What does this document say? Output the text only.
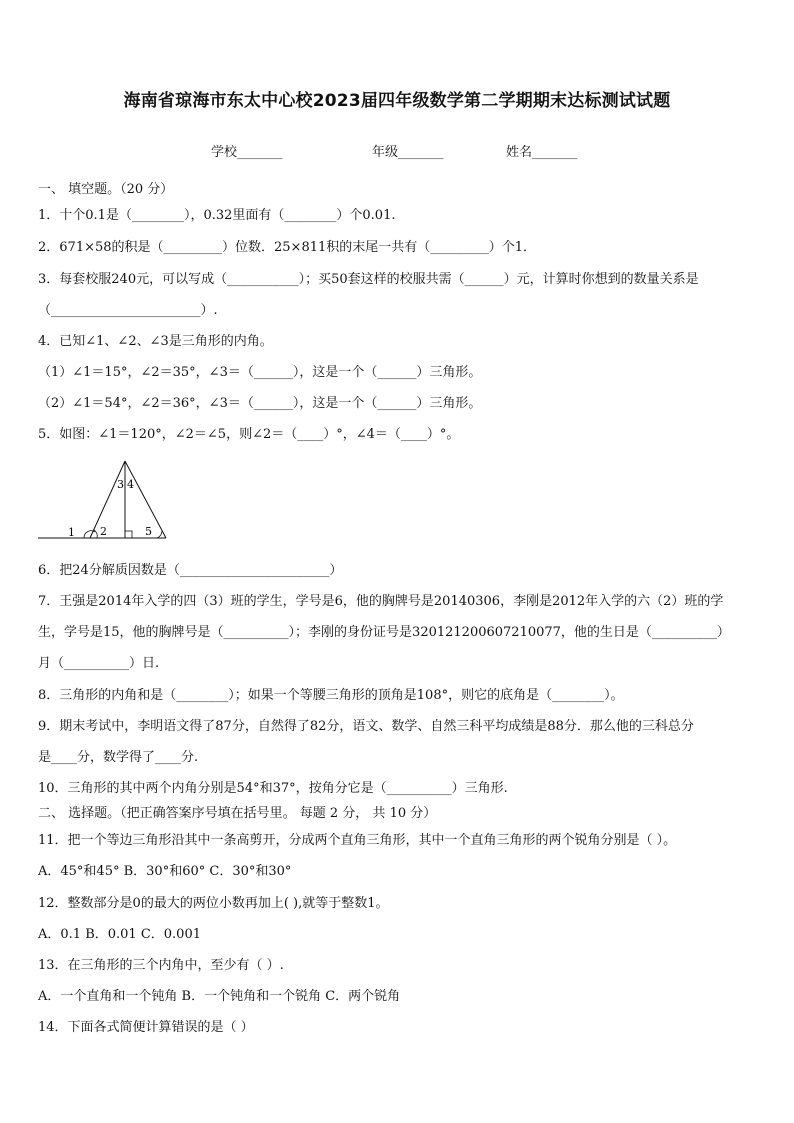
海南省琼海市东太中心校2023届四年级数学第二学期期末达标测试试题
学校_______	年级_______	姓名_______
一、 填空题。（20 分）
1．十个0.1是（________），0.32里面有（________）个0.01.
2．671×58的积是（_________）位数．25×811积的末尾一共有（_________）个1．
3．每套校服240元，可以写成（___________）；买50套这样的校服共需（______）元，计算时你想到的数量关系是
（_______________________）.
4．已知∠1、∠2、∠3是三角形的内角。
（1）∠1＝15°，∠2＝35°，∠3＝（______），这是一个（______）三角形。
（2）∠1＝54°，∠2＝36°，∠3＝（______），这是一个（______）三角形。
5．如图：∠1＝120°，∠2＝∠5，则∠2＝（____）°，∠4＝（____）°。
1 2
3 4
5
6．把24分解质因数是（_______________________）
7．王强是2014年入学的四（3）班的学生，学号是6，他的胸牌号是20140306，李刚是2012年入学的六（2）班的学
生，学号是15，他的胸牌号是（__________）；李刚的身份证号是320121200607210077，他的生日是（__________）
月（__________）日.
8．三角形的内角和是（________）；如果一个等腰三角形的顶角是108°，则它的底角是（________）。
9．期末考试中，李明语文得了87分，自然得了82分，语文、数学、自然三科平均成绩是88分．那么他的三科总分
是____分，数学得了____分.
10．三角形的其中两个内角分别是54°和37°，按角分它是（__________）三角形.
二、 选择题。（把正确答案序号填在括号里。 每题 2 分， 共 10 分）
11．把一个等边三角形沿其中一条高剪开，分成两个直角三角形，其中一个直角三角形的两个锐角分别是（ ）。
A．45°和45° B．30°和60° C．30°和30°
12．整数部分是0的最大的两位小数再加上( ),就等于整数1。
A．0.1 B．0.01 C．0.001
13．在三角形的三个内角中，至少有（ ）.
A．一个直角和一个钝角 B．一个钝角和一个锐角 C．两个锐角
14．下面各式简便计算错误的是（ ）
